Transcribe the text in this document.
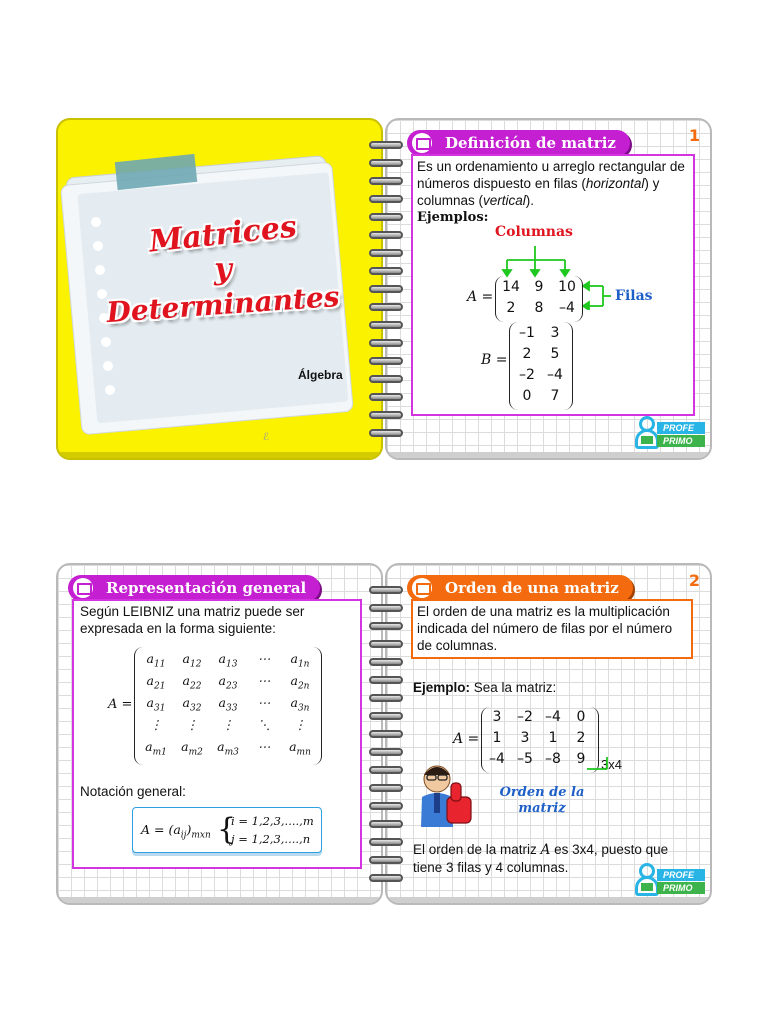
ℰ
Matrices
y
Determinantes
Álgebra
Definición de matriz	1

Es un ordenamiento u arreglo rectangular de números dispuesto en filas (horizontal) y columnas (vertical).

Ejemplos:
Columnas
Filas
A =
14	9	10
2	8	–4
B =
–1	3
2	5
–2 –4
0	7
PROFE
PRIMO
Representación general

Según LEIBNIZ una matriz puede ser expresada en la forma siguiente:

A =
$a_{11}$	$a_{12}$	$a_{13}$	⋯	$a_{1n}$
$a_{21}$	$a_{22}$	$a_{23}$	⋯	$a_{2n}$
$a_{31}$	$a_{32}$	$a_{33}$	⋯	$a_{3n}$
⋮	⋮	⋮	⋱	⋮
$a_{m1}$	$a_{m2}$	$a_{m3}$	⋯	$a_{mn}$
Notación general:
$A = (a_{ij})_{mxn}$ {
i = 1,2,3,....,m
j = 1,2,3,....,n
Orden de una matriz	2

El orden de una matriz es la multiplicación indicada del número de filas por el número de columnas.

Ejemplo: Sea la matriz:
A =
3	–2 –4	0
1	3	1	2
–4 –5 –8	9	3x4
Orden de la
matriz

El orden de la matriz A es 3x4, puesto que tiene 3 filas y 4 columnas.	PROFE
PRIMO
